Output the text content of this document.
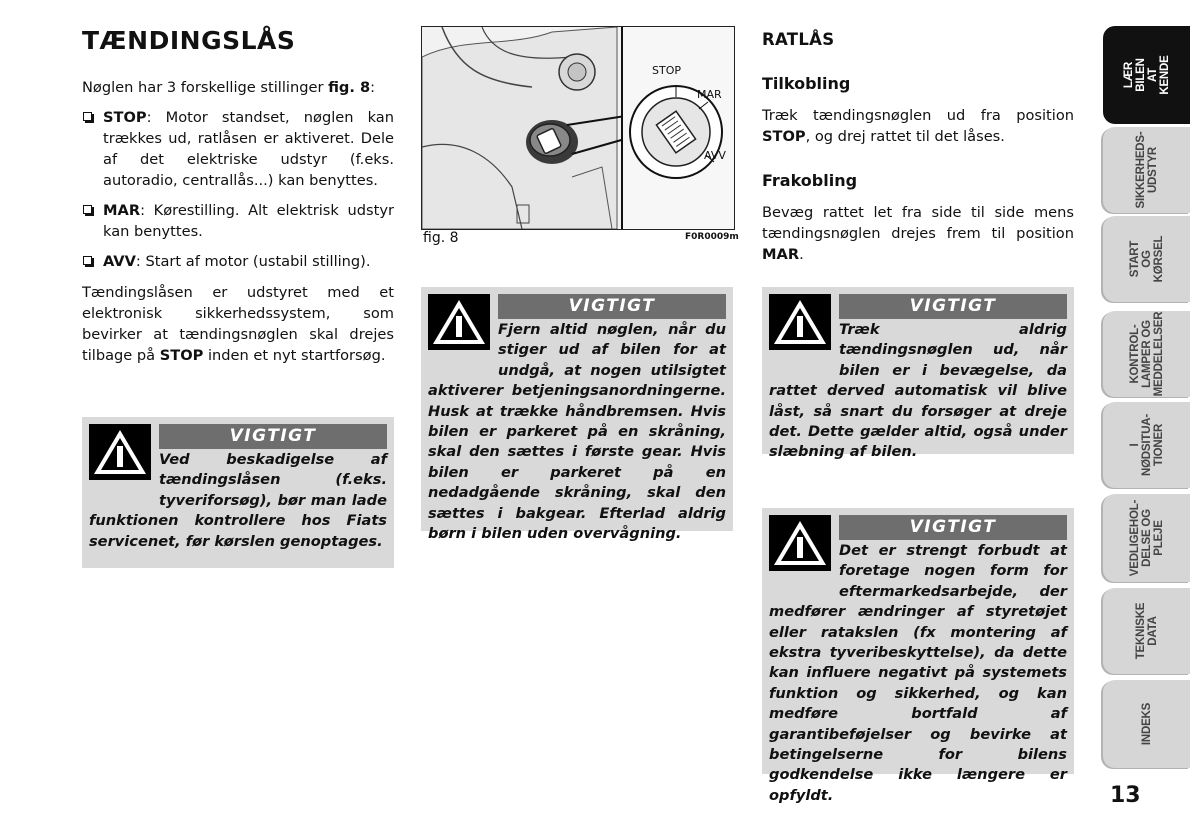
TÆNDINGSLÅS

Nøglen har 3 forskellige stillinger fig. 8:

STOP: Motor standset, nøglen kan trækkes ud, ratlåsen er aktiveret. Dele af det elektriske udstyr (f.eks. autoradio, centrallås...) kan benyttes.
MAR: Kørestilling. Alt elektrisk udstyr kan benyttes.
AVV: Start af motor (ustabil stilling).

Tændingslåsen er udstyret med et elektronisk sikkerhedssystem, som bevirker at tændingsnøglen skal drejes tilbage på STOP inden et nyt startforsøg.

VIGTIGT
Ved beskadigelse af tændingslåsen (f.eks. tyveriforsøg), bør man lade funktionen kontrollere hos Fiats servicenet, før kørslen genoptages.
STOP
MAR
AVV
fig. 8	F0R0009m
VIGTIGT
Fjern altid nøglen, når du stiger ud af bilen for at undgå, at nogen utilsigtet aktiverer betjeningsanordningerne. Husk at trække håndbremsen. Hvis bilen er parkeret på en skråning, skal den sættes i første gear. Hvis bilen er parkeret på en nedadgående skråning, skal den sættes i bakgear. Efterlad aldrig børn i bilen uden overvågning.
RATLÅS
Tilkobling

Træk tændingsnøglen ud fra position STOP, og drej rattet til det låses.

Frakobling

Bevæg rattet let fra side til side mens tændingsnøglen drejes frem til position MAR.

VIGTIGT
Træk aldrig tændingsnøglen ud, når bilen er i bevægelse, da rattet derved automatisk vil blive låst, så snart du forsøger at dreje det. Dette gælder altid, også under slæbning af bilen.
VIGTIGT
Det er strengt forbudt at foretage nogen form for eftermarkedsarbejde, der medfører ændringer af styretøjet eller ratakslen (fx montering af ekstra tyveribeskyttelse), da dette kan influere negativt på systemets funktion og sikkerhed, og kan medføre bortfald af garantibeføjelser og bevirke at betingelserne for bilens godkendelse ikke længere er opfyldt.
LÆR BILEN
AT KENDE
SIKKERHEDS-
UDSTYR
START
OG KØRSEL
KONTROL-
LAMPER OG
MEDDELELSER
I NØDSITUA-
TIONER
VEDLIGEHOL-
DELSE OG PLEJE
TEKNISKE
DATA
INDEKS
13
